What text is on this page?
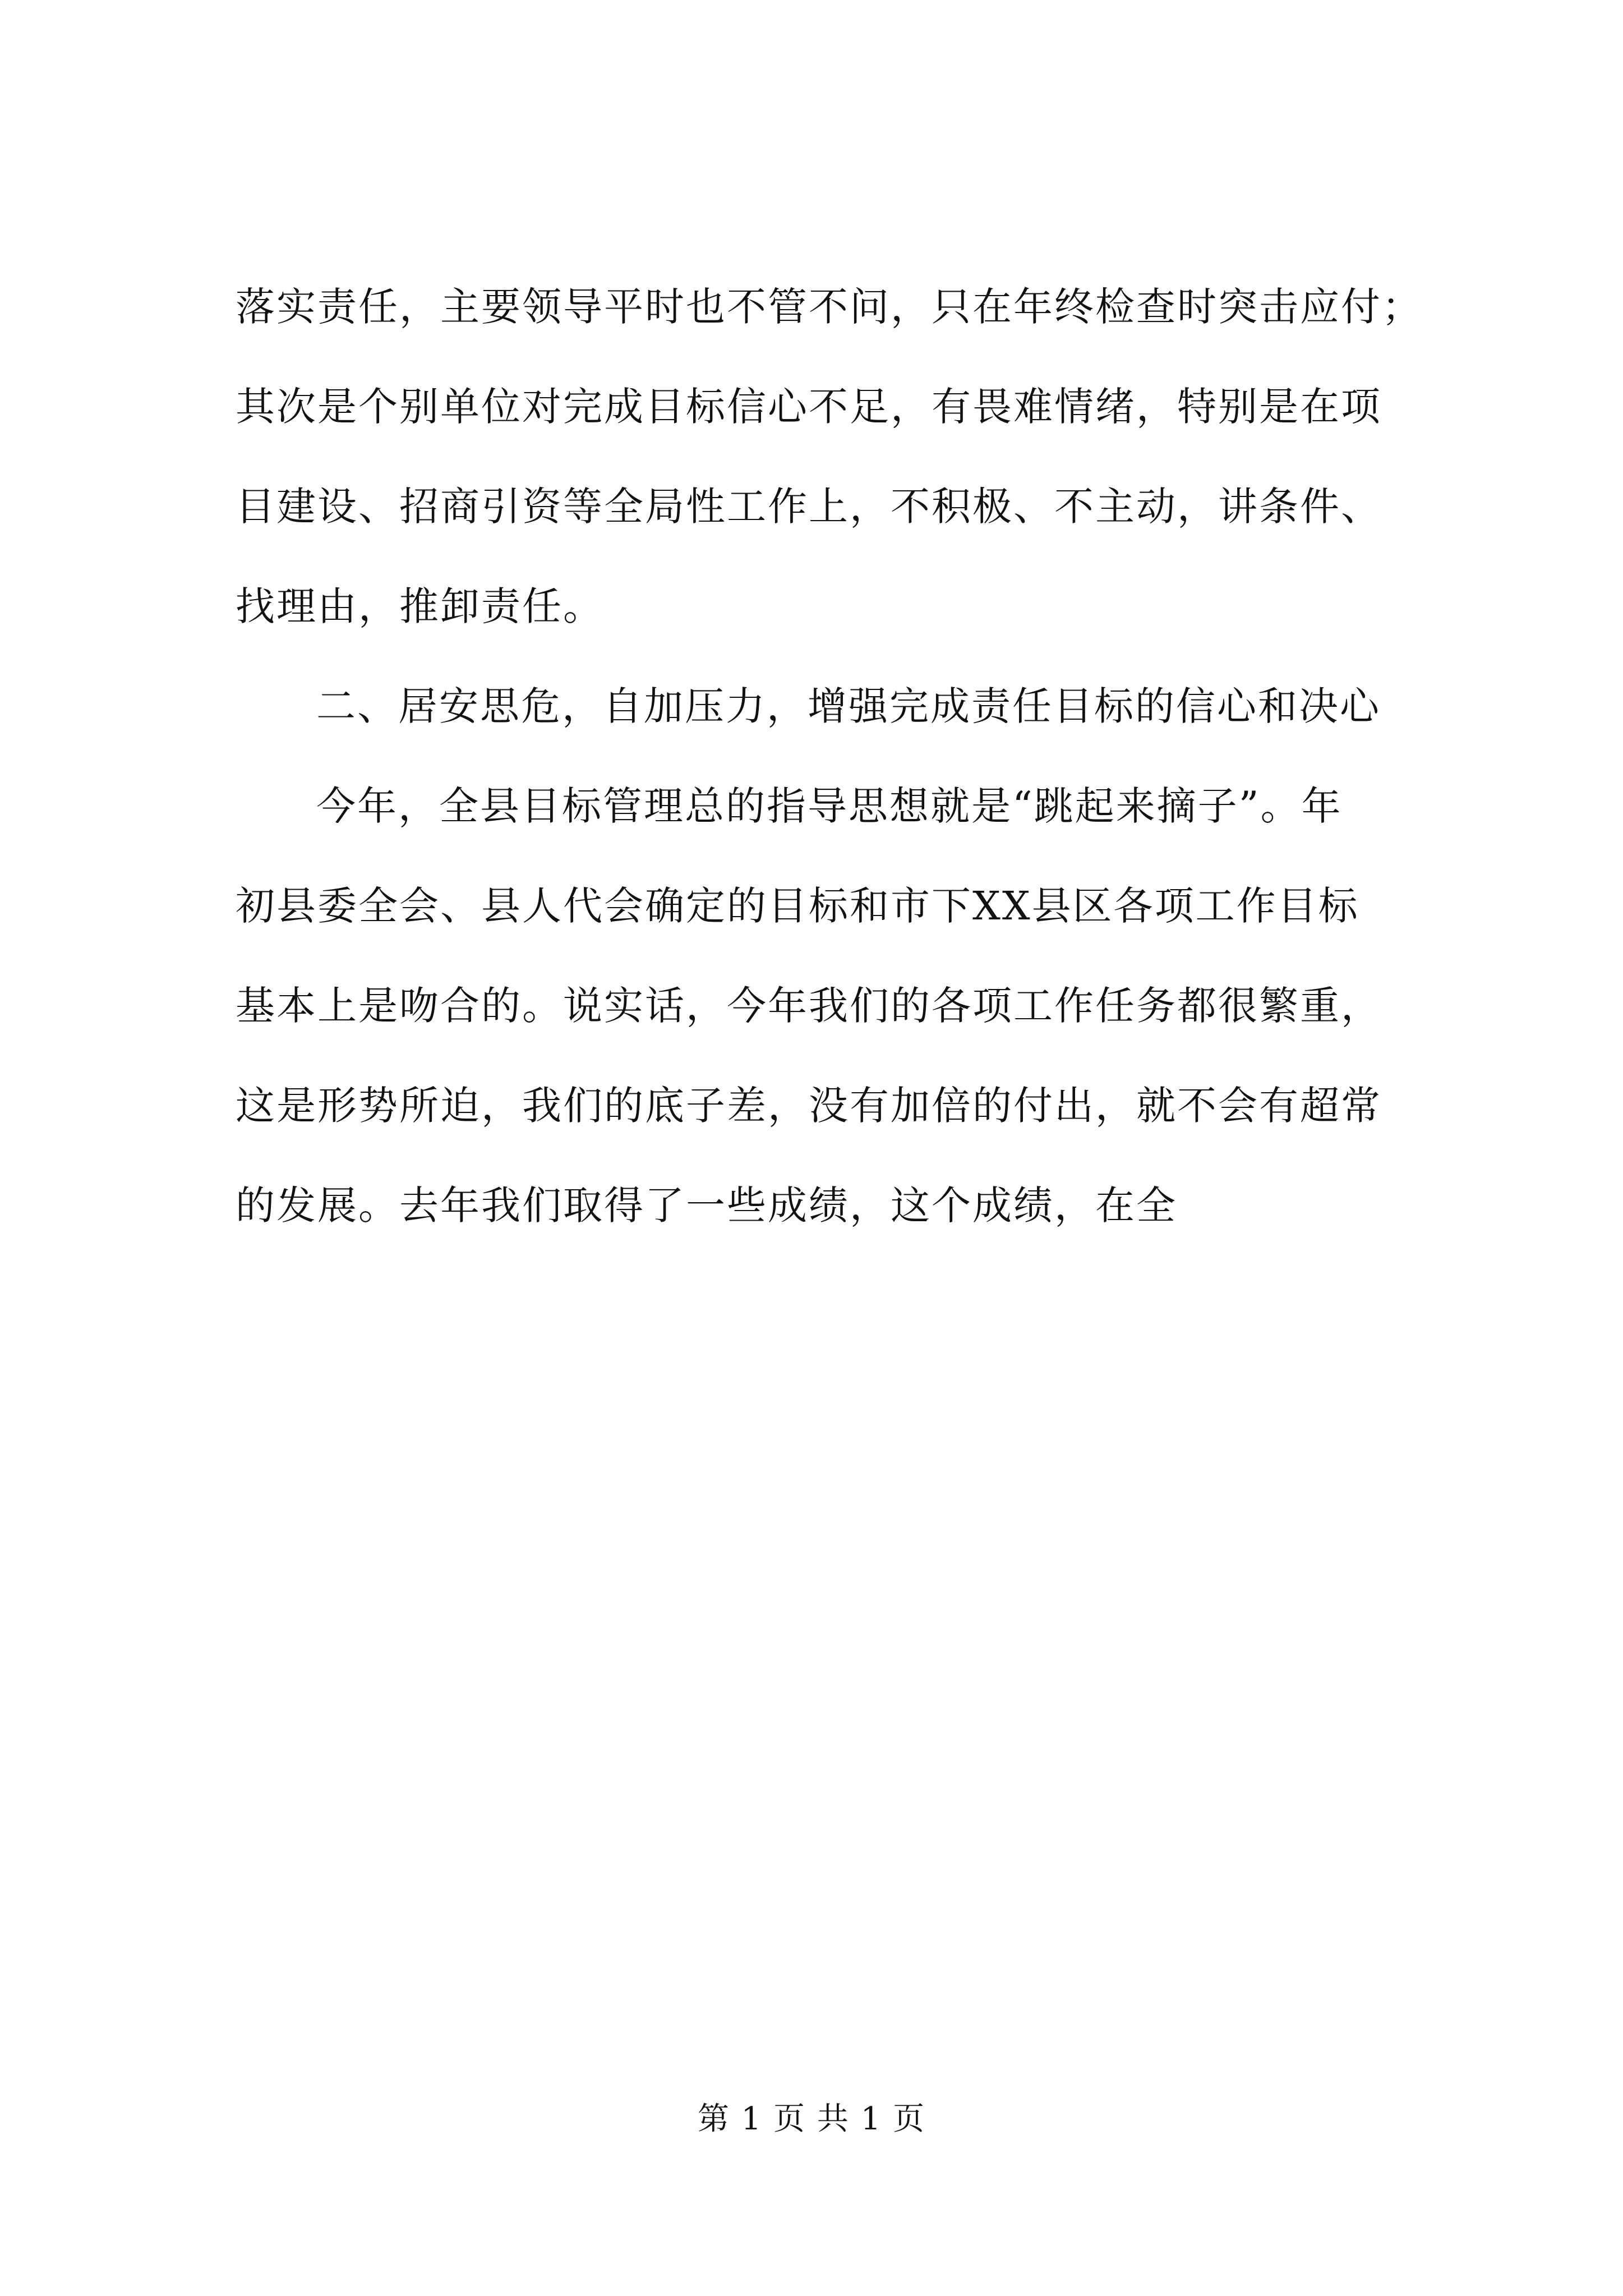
落实责任，主要领导平时也不管不问，只在年终检查时突击应付；
其次是个别单位对完成目标信心不足，有畏难情绪，特别是在项
目建设、招商引资等全局性工作上，不积极、不主动，讲条件、
找理由，推卸责任。
二、居安思危，自加压力，增强完成责任目标的信心和决心
今年，全县目标管理总的指导思想就是“跳起来摘子”。年
初县委全会、县人代会确定的目标和市下XX县区各项工作目标
基本上是吻合的。说实话，今年我们的各项工作任务都很繁重，
这是形势所迫，我们的底子差，没有加倍的付出，就不会有超常
的发展。去年我们取得了一些成绩，这个成绩，在全
第 1 页 共 1 页
